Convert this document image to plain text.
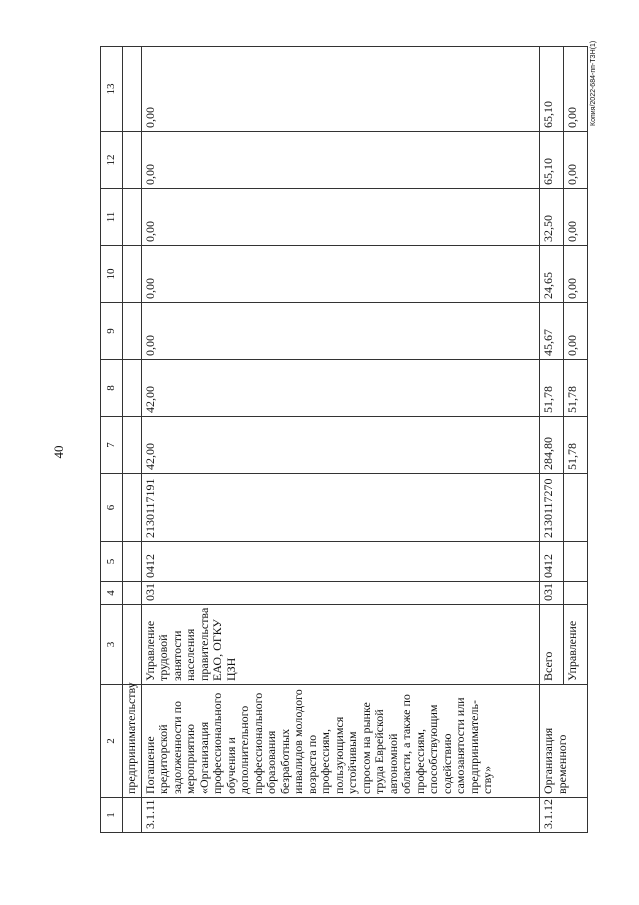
40
Копия/2022-684-пп-ТЗН(1)
1	2	3	4	5	6	7	8	9	10	11	12	13
	предпринимательству											
3.1.11	Погашение кредиторской задолженности по мероприятию «Организация профессионального обучения и дополнительного профессионального образования безработных инвалидов молодого возраста по профессиям, пользующимся устойчивым спросом на рынке труда Еврейской автономной области, а также по профессиям, способствующим содействию самозанятости или предприниматель-ству»	Управление трудовой занятости населения правительства ЕАО, ОГКУ ЦЗН	031	0412	2130117191	42,00	42,00	0,00	0,00	0,00	0,00	0,00
3.1.12	Организация временного	Всего	031	0412	2130117270	284,80	51,78	45,67	24,65	32,50	65,10	65,10
		Управление				51,78	51,78	0,00	0,00	0,00	0,00	0,00
